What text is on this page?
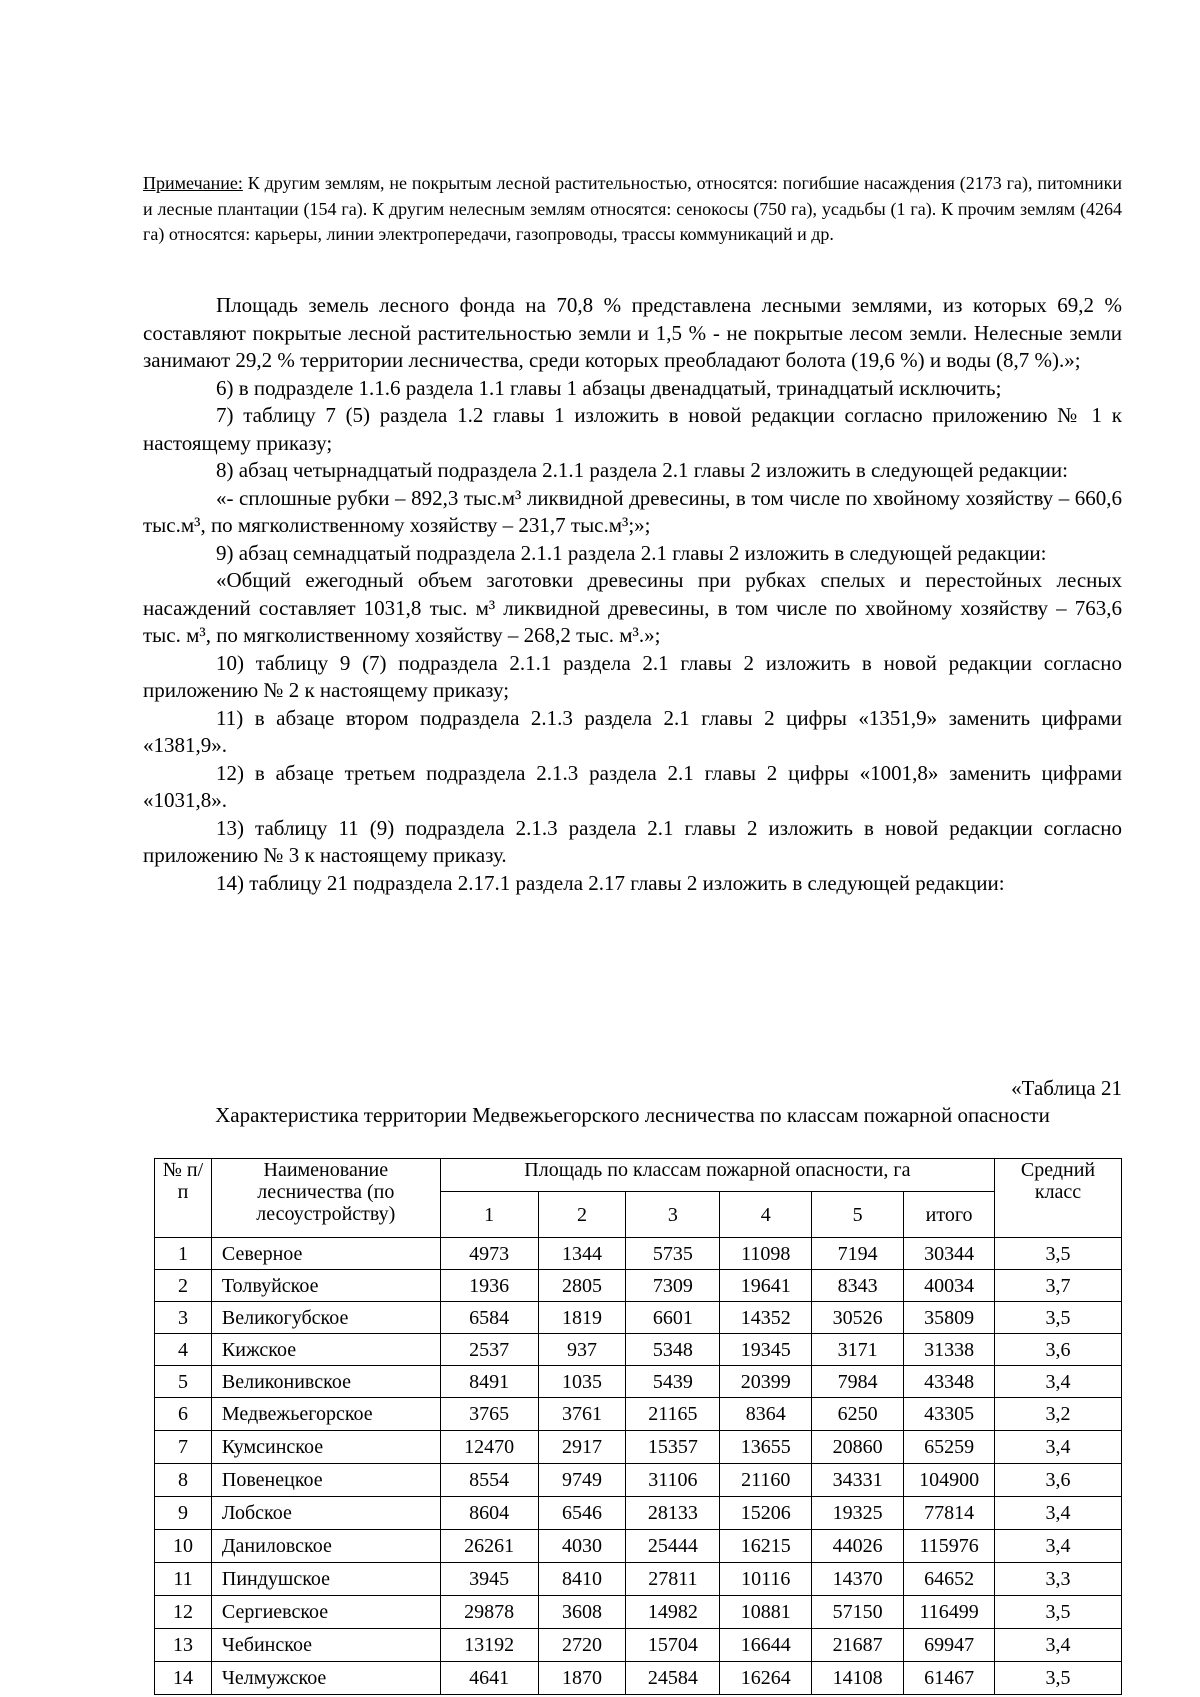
Примечание: К другим землям, не покрытым лесной растительностью, относятся: погибшие насаждения (2173 га), питомники и лесные плантации (154 га). К другим нелесным землям относятся: сенокосы (750 га), усадьбы (1 га). К прочим землям (4264 га) относятся: карьеры, линии электропередачи, газопроводы, трассы коммуникаций и др.

Площадь земель лесного фонда на 70,8 % представлена лесными землями, из которых 69,2 % составляют покрытые лесной растительностью земли и 1,5 % - не покрытые лесом земли. Нелесные земли занимают 29,2 % территории лесничества, среди которых преобладают болота (19,6 %) и воды (8,7 %).»;

6) в подразделе 1.1.6 раздела 1.1 главы 1 абзацы двенадцатый, тринадцатый исключить;

7) таблицу 7 (5) раздела 1.2 главы 1 изложить в новой редакции согласно приложению № 1 к настоящему приказу;

8) абзац четырнадцатый подраздела 2.1.1 раздела 2.1 главы 2 изложить в следующей редакции:

«- сплошные рубки – 892,3 тыс.м³ ликвидной древесины, в том числе по хвойному хозяйству – 660,6 тыс.м³, по мягколиственному хозяйству – 231,7 тыс.м³;»;

9) абзац семнадцатый подраздела 2.1.1 раздела 2.1 главы 2 изложить в следующей редакции:

«Общий ежегодный объем заготовки древесины при рубках спелых и перестойных лесных насаждений составляет 1031,8 тыс. м³ ликвидной древесины, в том числе по хвойному хозяйству – 763,6 тыс. м³, по мягколиственному хозяйству – 268,2 тыс. м³.»;

10) таблицу 9 (7) подраздела 2.1.1 раздела 2.1 главы 2 изложить в новой редакции согласно приложению № 2 к настоящему приказу;

11) в абзаце втором подраздела 2.1.3 раздела 2.1 главы 2 цифры «1351,9» заменить цифрами «1381,9».

12) в абзаце третьем подраздела 2.1.3 раздела 2.1 главы 2 цифры «1001,8» заменить цифрами «1031,8».

13) таблицу 11 (9) подраздела 2.1.3 раздела 2.1 главы 2 изложить в новой редакции согласно приложению № 3 к настоящему приказу.

14) таблицу 21 подраздела 2.17.1 раздела 2.17 главы 2 изложить в следующей редакции:

«Таблица 21
Характеристика территории Медвежьегорского лесничества по классам пожарной опасности
№ п/п	Наименование лесничества (по лесоустройству)	Площадь по классам пожарной опасности, га						Средний класс
		1	2	3	4	5	итого	
1	Северное	4973	1344	5735	11098	7194	30344	3,5
2	Толвуйское	1936	2805	7309	19641	8343	40034	3,7
3	Великогубское	6584	1819	6601	14352	30526	35809	3,5
4	Кижское	2537	937	5348	19345	3171	31338	3,6
5	Великонивское	8491	1035	5439	20399	7984	43348	3,4
6	Медвежьегорское	3765	3761	21165	8364	6250	43305	3,2
7	Кумсинское	12470	2917	15357	13655	20860	65259	3,4
8	Повенецкое	8554	9749	31106	21160	34331	104900	3,6
9	Лобское	8604	6546	28133	15206	19325	77814	3,4
10	Даниловское	26261	4030	25444	16215	44026	115976	3,4
11	Пиндушское	3945	8410	27811	10116	14370	64652	3,3
12	Сергиевское	29878	3608	14982	10881	57150	116499	3,5
13	Чебинское	13192	2720	15704	16644	21687	69947	3,4
14	Челмужское	4641	1870	24584	16264	14108	61467	3,5
